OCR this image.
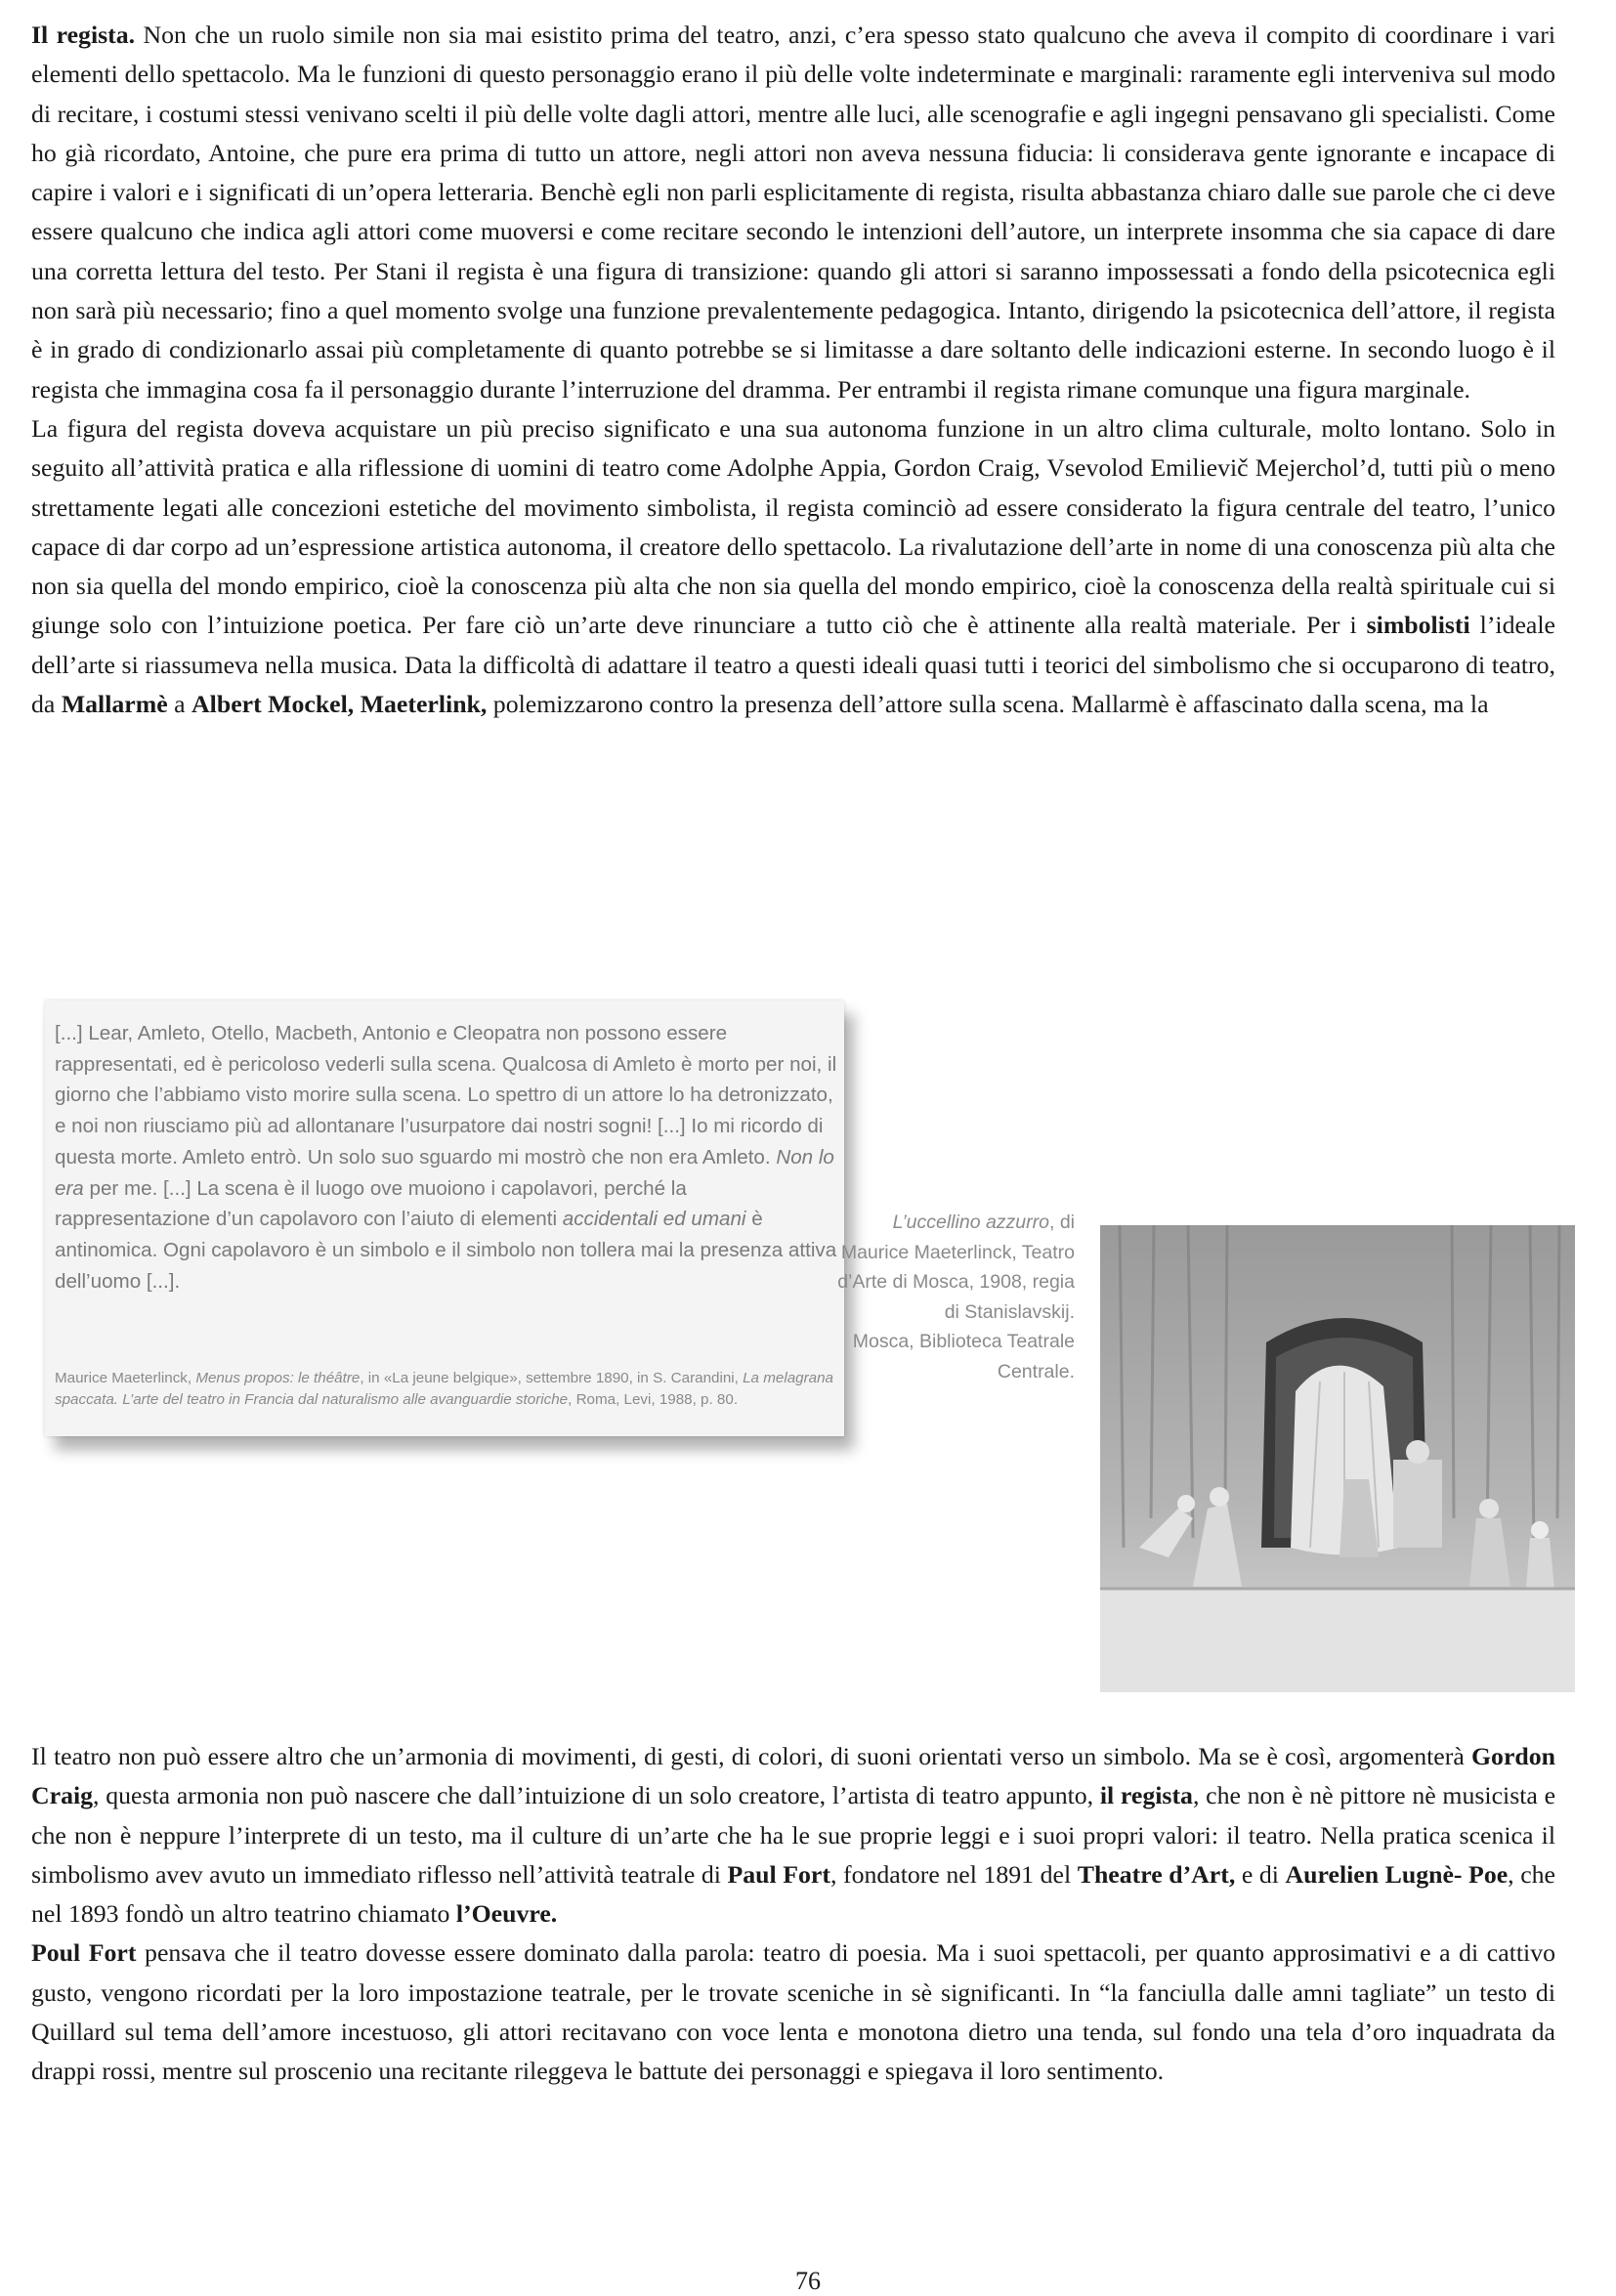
Il regista. Non che un ruolo simile non sia mai esistito prima del teatro, anzi, c’era spesso stato qualcuno che aveva il compito di coordinare i vari elementi dello spettacolo. Ma le funzioni di questo personaggio erano il più delle volte indeterminate e marginali: raramente egli interveniva sul modo di recitare, i costumi stessi venivano scelti il più delle volte dagli attori, mentre alle luci, alle scenografie e agli ingegni pensavano gli specialisti. Come ho già ricordato, Antoine, che pure era prima di tutto un attore, negli attori non aveva nessuna fiducia: li considerava gente ignorante e incapace di capire i valori e i significati di un’opera letteraria. Benchè egli non parli esplicitamente di regista, risulta abbastanza chiaro dalle sue parole che ci deve essere qualcuno che indica agli attori come muoversi e come recitare secondo le intenzioni dell’autore, un interprete insomma che sia capace di dare una corretta lettura del testo. Per Stani il regista è una figura di transizione: quando gli attori si saranno impossessati a fondo della psicotecnica egli non sarà più necessario; fino a quel momento svolge una funzione prevalentemente pedagogica. Intanto, dirigendo la psicotecnica dell’attore, il regista è in grado di condizionarlo assai più completamente di quanto potrebbe se si limitasse a dare soltanto delle indicazioni esterne. In secondo luogo è il regista che immagina cosa fa il personaggio durante l’interruzione del dramma. Per entrambi il regista rimane comunque una figura marginale.
La figura del regista doveva acquistare un più preciso significato e una sua autonoma funzione in un altro clima culturale, molto lontano. Solo in seguito all’attività pratica e alla riflessione di uomini di teatro come Adolphe Appia, Gordon Craig, Vsevolod Emilievič Mejerchol’d, tutti più o meno strettamente legati alle concezioni estetiche del movimento simbolista, il regista cominciò ad essere considerato la figura centrale del teatro, l’unico capace di dar corpo ad un’espressione artistica autonoma, il creatore dello spettacolo. La rivalutazione dell’arte in nome di una conoscenza più alta che non sia quella del mondo empirico, cioè la conoscenza più alta che non sia quella del mondo empirico, cioè la conoscenza della realtà spirituale cui si giunge solo con l’intuizione poetica. Per fare ciò un’arte deve rinunciare a tutto ciò che è attinente alla realtà materiale. Per i simbolisti l’ideale dell’arte si riassumeva nella musica. Data la difficoltà di adattare il teatro a questi ideali quasi tutti i teorici del simbolismo che si occuparono di teatro, da Mallarmè a Albert Mockel, Maeterlink, polemizzarono contro la presenza dell’attore sulla scena. Mallarmè è affascinato dalla scena, ma la

[...] Lear, Amleto, Otello, Macbeth, Antonio e Cleopatra non possono essere rappresentati, ed è pericoloso vederli sulla scena. Qualcosa di Amleto è morto per noi, il giorno che l’abbiamo visto morire sulla scena. Lo spettro di un attore lo ha detronizzato, e noi non riusciamo più ad allontanare l’usurpatore dai nostri sogni! [...] Io mi ricordo di questa morte. Amleto entrò. Un solo suo sguardo mi mostrò che non era Amleto. Non lo era per me. [...] La scena è il luogo ove muoiono i capolavori, perché la rappresentazione d’un capolavoro con l’aiuto di elementi accidentali ed umani è antinomica. Ogni capolavoro è un simbolo e il simbolo non tollera mai la presenza attiva dell’uomo [...].

Maurice Maeterlinck, Menus propos: le théâtre, in «La jeune belgique», settembre 1890, in S. Carandini, La melagrana spaccata. L’arte del teatro in Francia dal naturalismo alle avanguardie storiche, Roma, Levi, 1988, p. 80.

L’uccellino azzurro, di Maurice Maeterlinck, Teatro d’Arte di Mosca, 1908, regia di Stanislavskij.
Mosca, Biblioteca Teatrale Centrale.

Il teatro non può essere altro che un’armonia di movimenti, di gesti, di colori, di suoni orientati verso un simbolo. Ma se è così, argomenterà Gordon Craig, questa armonia non può nascere che dall’intuizione di un solo creatore, l’artista di teatro appunto, il regista, che non è nè pittore nè musicista e che non è neppure l’interprete di un testo, ma il culture di un’arte che ha le sue proprie leggi e i suoi propri valori: il teatro. Nella pratica scenica il simbolismo avev avuto un immediato riflesso nell’attività teatrale di Paul Fort, fondatore nel 1891 del Theatre d’Art, e di Aurelien Lugnè- Poe, che nel 1893 fondò un altro teatrino chiamato l’Oeuvre.

Poul Fort pensava che il teatro dovesse essere dominato dalla parola: teatro di poesia. Ma i suoi spettacoli, per quanto approsimativi e a di cattivo gusto, vengono ricordati per la loro impostazione teatrale, per le trovate sceniche in sè significanti. In “la fanciulla dalle amni tagliate” un testo di Quillard sul tema dell’amore incestuoso, gli attori recitavano con voce lenta e monotona dietro una tenda, sul fondo una tela d’oro inquadrata da drappi rossi, mentre sul proscenio una recitante rileggeva le battute dei personaggi e spiegava il loro sentimento.

76
